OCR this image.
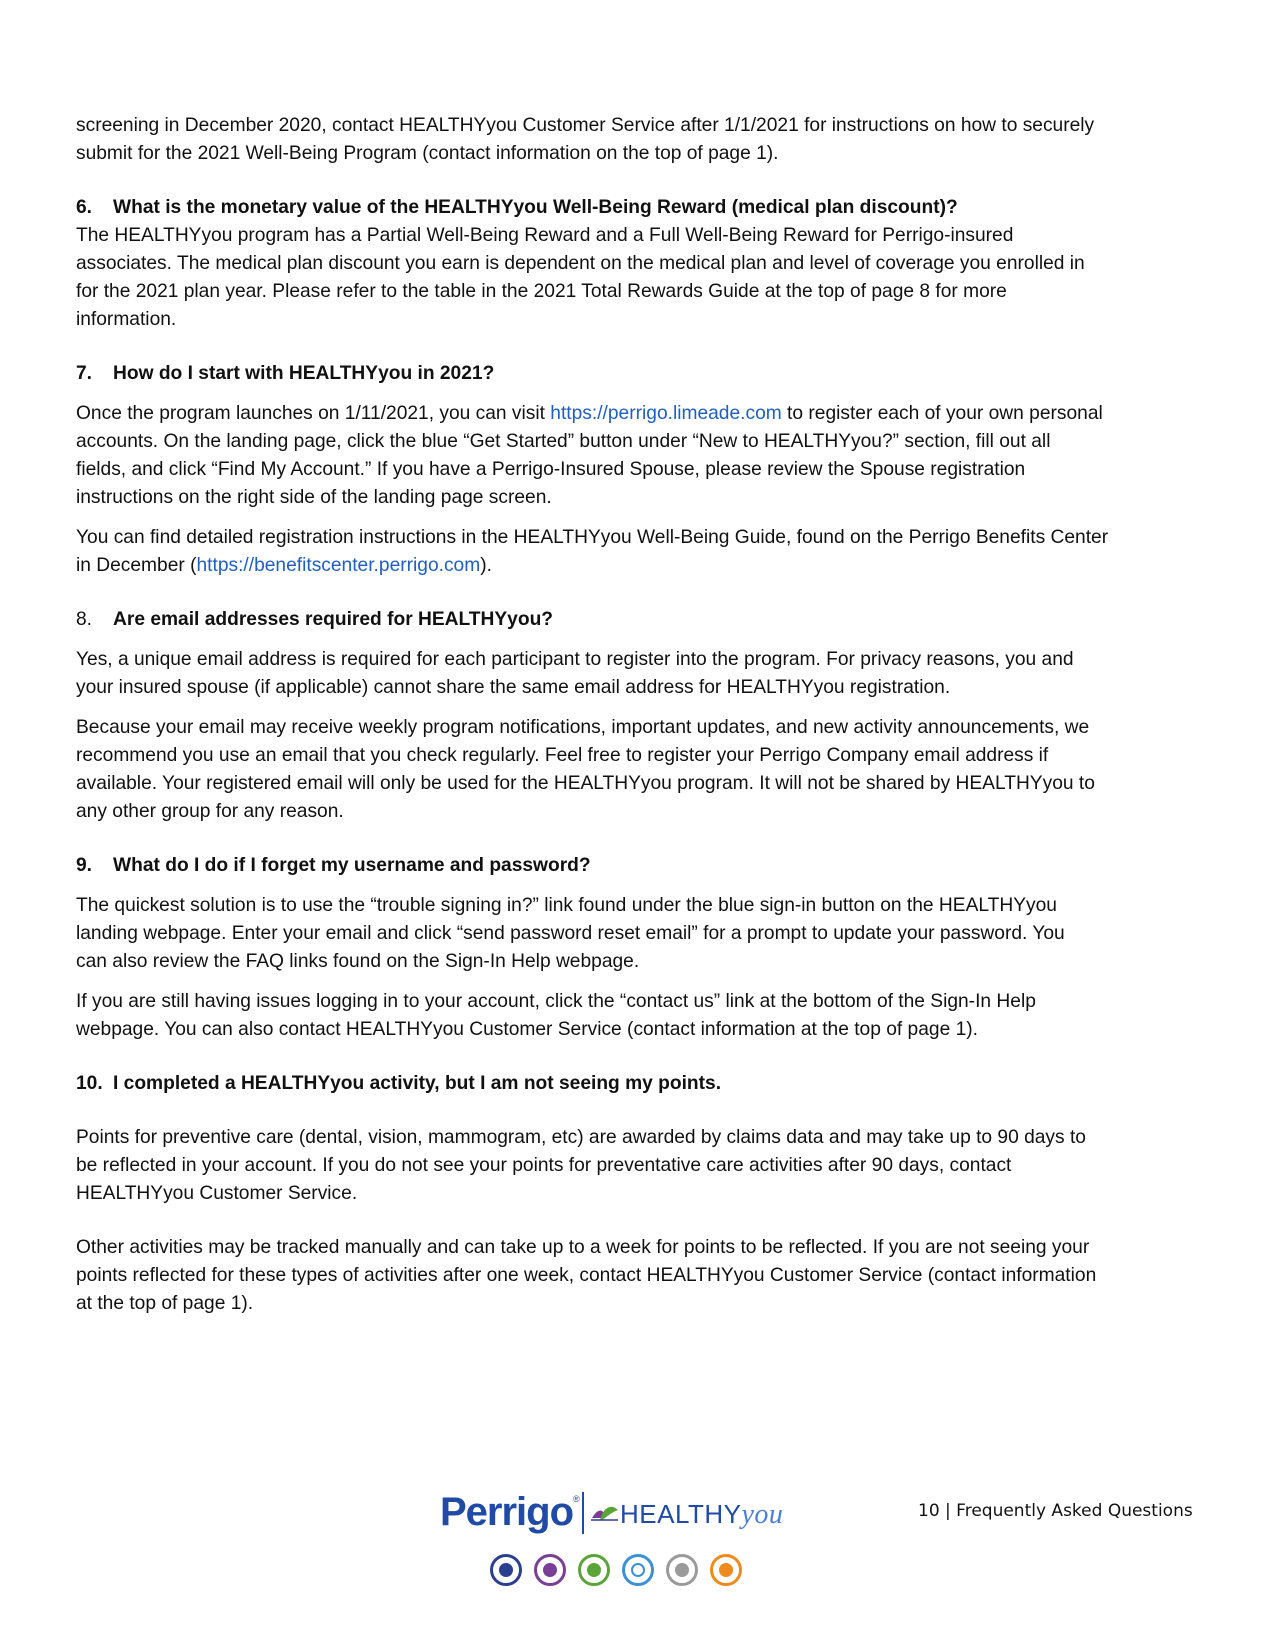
screening in December 2020, contact HEALTHYyou Customer Service after 1/1/2021 for instructions on how to securely

submit for the 2021 Well-Being Program (contact information on the top of page 1).

6. What is the monetary value of the HEALTHYyou Well-Being Reward (medical plan discount)?

The HEALTHYyou program has a Partial Well-Being Reward and a Full Well-Being Reward for Perrigo-insured

associates. The medical plan discount you earn is dependent on the medical plan and level of coverage you enrolled in

for the 2021 plan year. Please refer to the table in the 2021 Total Rewards Guide at the top of page 8 for more

information.

7. How do I start with HEALTHYyou in 2021?

Once the program launches on 1/11/2021, you can visit https://perrigo.limeade.com to register each of your own personal

accounts. On the landing page, click the blue “Get Started” button under “New to HEALTHYyou?” section, fill out all

fields, and click “Find My Account.” If you have a Perrigo-Insured Spouse, please review the Spouse registration

instructions on the right side of the landing page screen.

You can find detailed registration instructions in the HEALTHYyou Well-Being Guide, found on the Perrigo Benefits Center

in December (https://benefitscenter.perrigo.com).

8. Are email addresses required for HEALTHYyou?

Yes, a unique email address is required for each participant to register into the program. For privacy reasons, you and

your insured spouse (if applicable) cannot share the same email address for HEALTHYyou registration.

Because your email may receive weekly program notifications, important updates, and new activity announcements, we

recommend you use an email that you check regularly. Feel free to register your Perrigo Company email address if

available. Your registered email will only be used for the HEALTHYyou program. It will not be shared by HEALTHYyou to

any other group for any reason.

9. What do I do if I forget my username and password?

The quickest solution is to use the “trouble signing in?” link found under the blue sign-in button on the HEALTHYyou

landing webpage. Enter your email and click “send password reset email” for a prompt to update your password. You

can also review the FAQ links found on the Sign-In Help webpage.

If you are still having issues logging in to your account, click the “contact us” link at the bottom of the Sign-In Help

webpage. You can also contact HEALTHYyou Customer Service (contact information at the top of page 1).

10. I completed a HEALTHYyou activity, but I am not seeing my points.

Points for preventive care (dental, vision, mammogram, etc) are awarded by claims data and may take up to 90 days to

be reflected in your account. If you do not see your points for preventative care activities after 90 days, contact

HEALTHYyou Customer Service.

Other activities may be tracked manually and can take up to a week for points to be reflected. If you are not seeing your

points reflected for these types of activities after one week, contact HEALTHYyou Customer Service (contact information

at the top of page 1).

Perrigo ® HEALTHYyou	10 | Frequently Asked Questions
